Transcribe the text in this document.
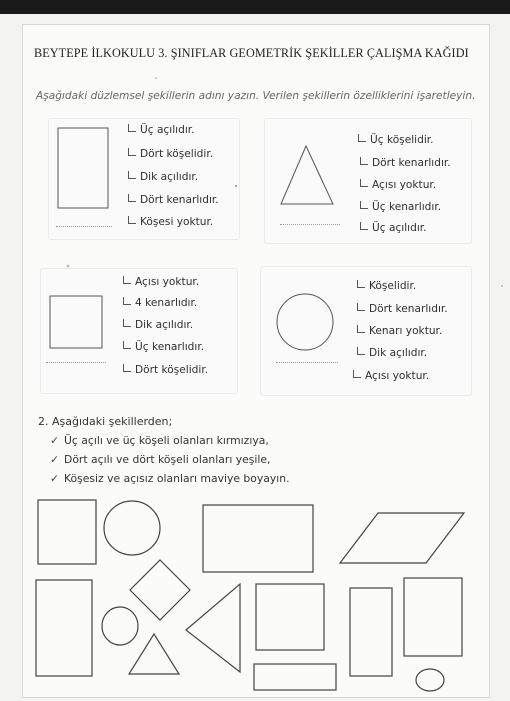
BEYTEPE İLKOKULU 3. ŞINIFLAR GEOMETRİK ŞEKİLLER ÇALIŞMA KAĞIDI
Aşağıdaki düzlemsel şekillerin adını yazın. Verilen şekillerin özelliklerini işaretleyin.
Üç açılıdır.
Dört köşelidir.
Dik açılıdır.
Dört kenarlıdır.
Köşesi yoktur.
Üç köşelidir.
Dört kenarlıdır.
Açısı yoktur.
Üç kenarlıdır.
Üç açılıdır.
Açısı yoktur.
4 kenarlıdır.
Dik açılıdır.
Üç kenarlıdır.
Dört köşelidir.
Köşelidir.
Dört kenarlıdır.
Kenarı yoktur.
Dik açılıdır.
Açısı yoktur.
2. Aşağıdaki şekillerden;
✓ Üç açılı ve üç köşeli olanları kırmızıya,
✓ Dört açılı ve dört köşeli olanları yeşile,
✓ Köşesiz ve açısız olanları maviye boyayın.
